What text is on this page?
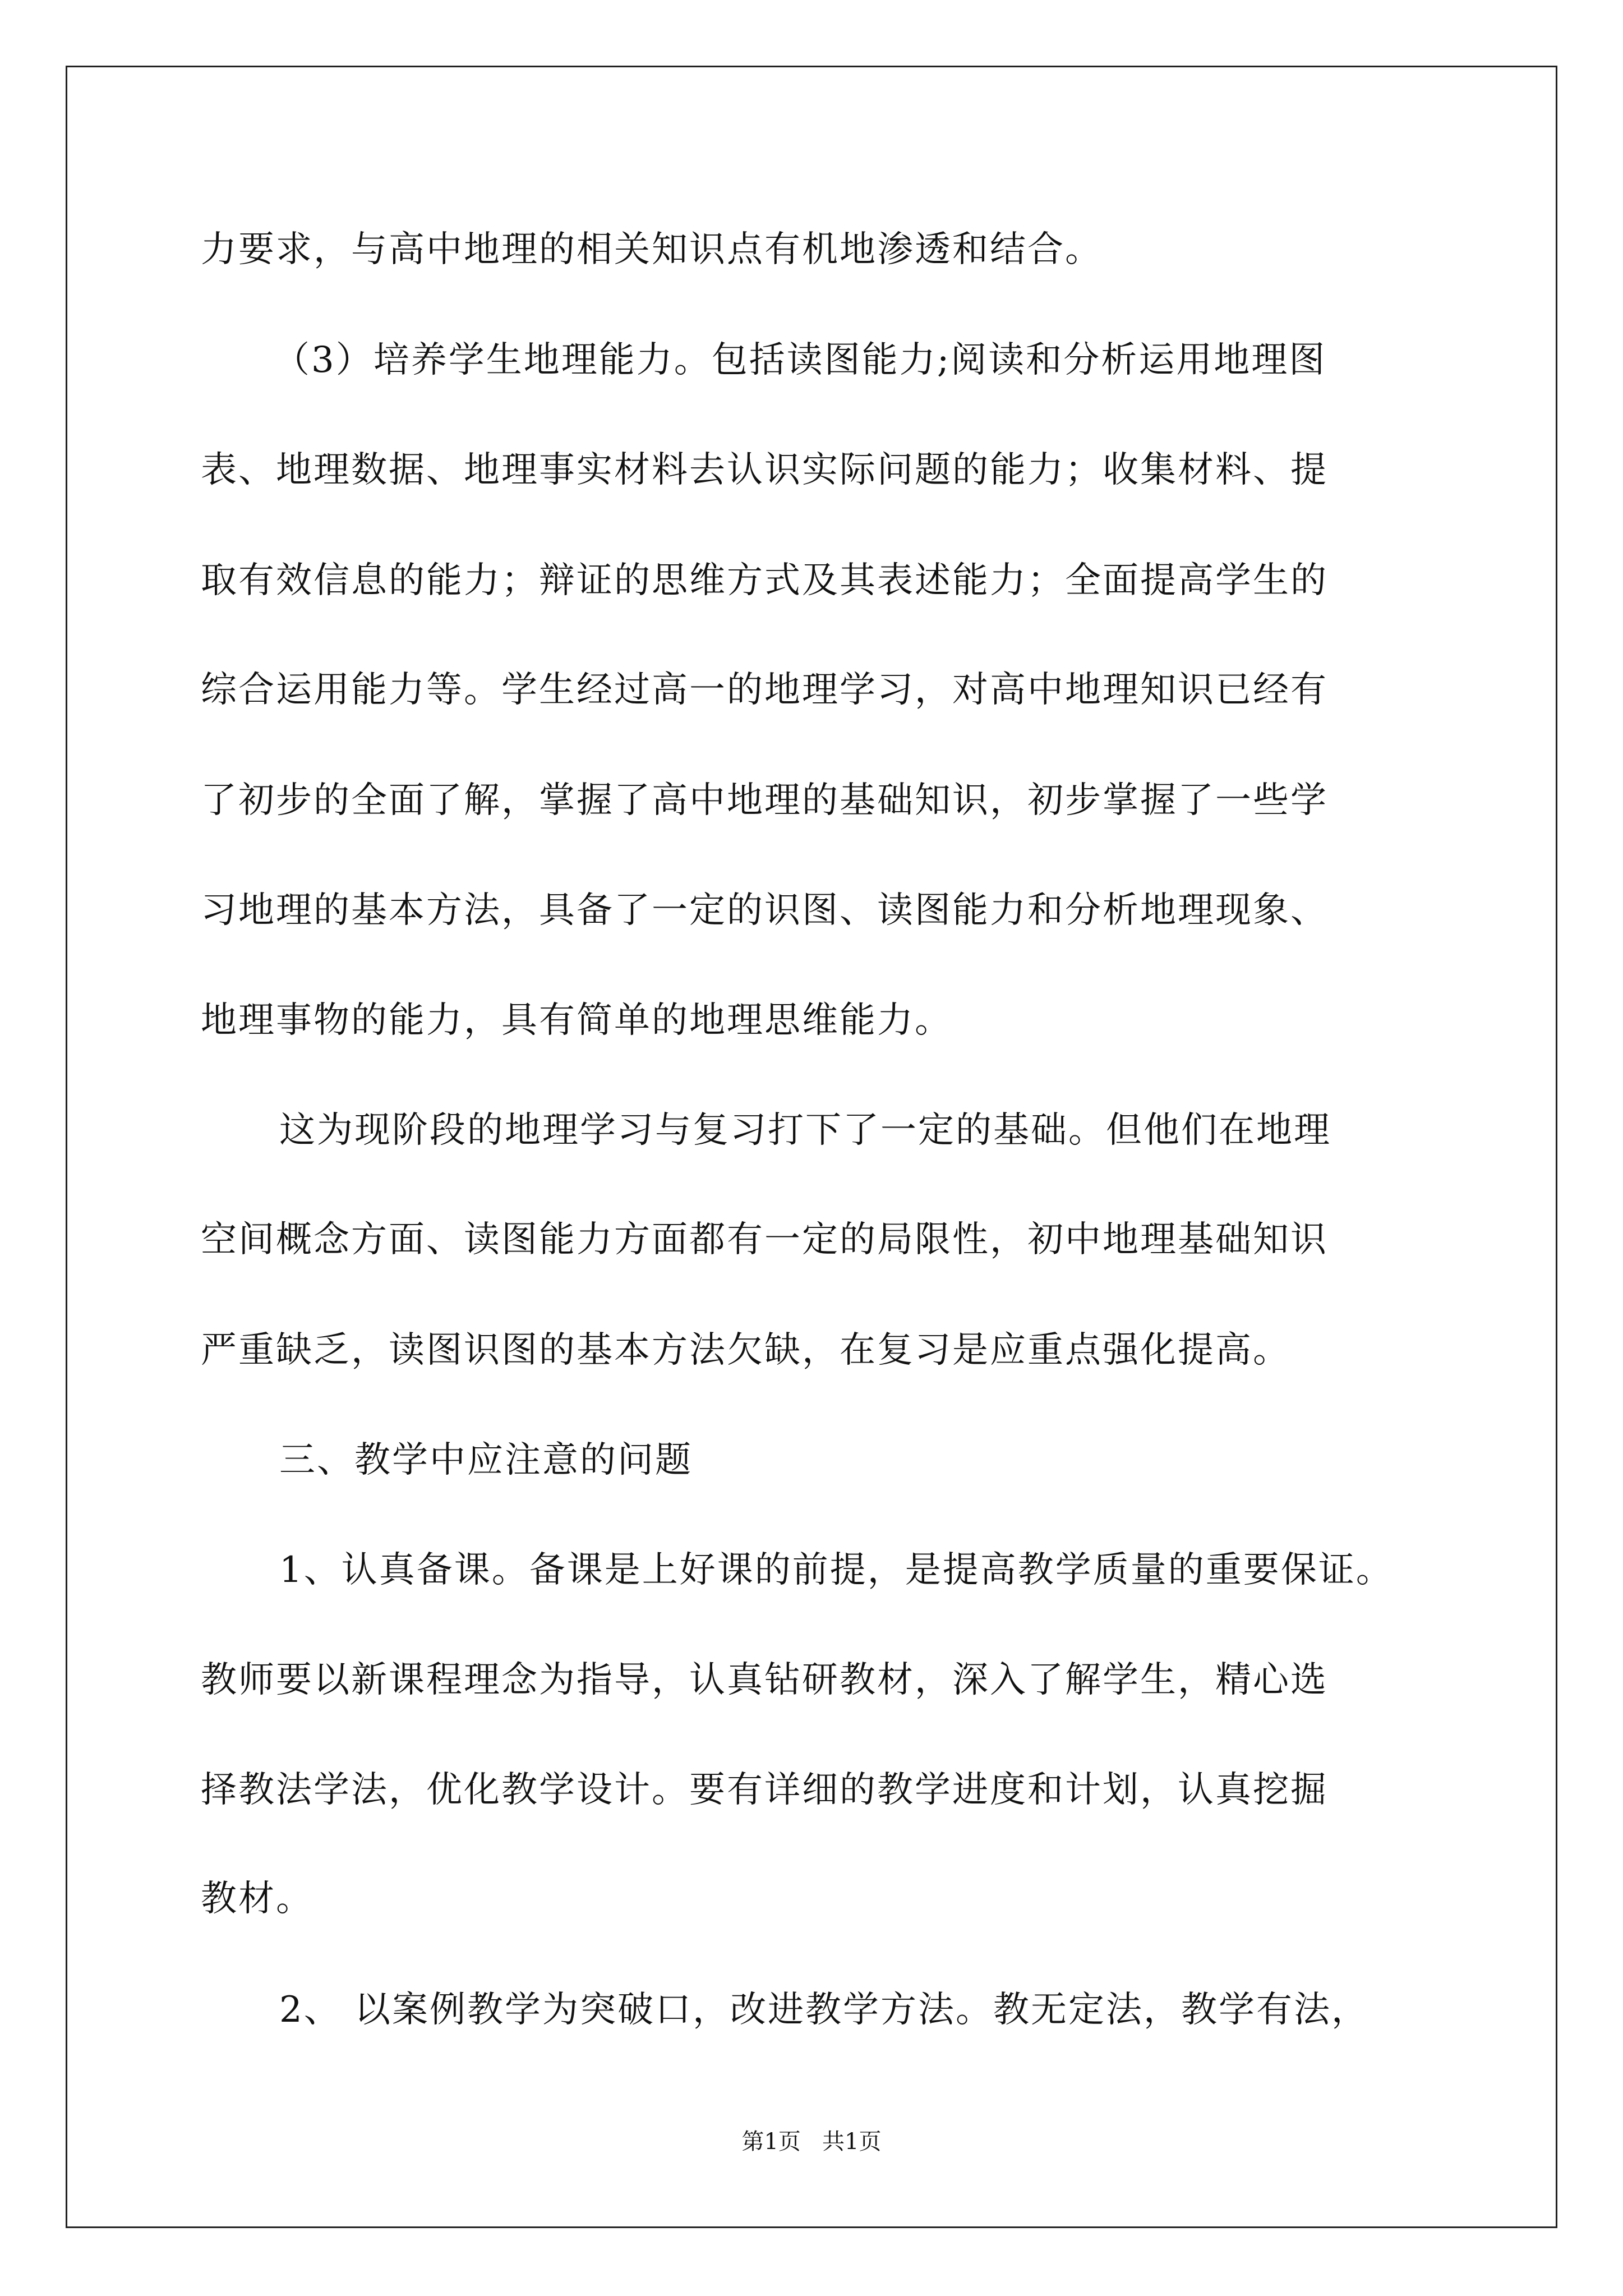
力要求，与高中地理的相关知识点有机地渗透和结合。
（3）培养学生地理能力。包括读图能力;阅读和分析运用地理图
表、地理数据、地理事实材料去认识实际问题的能力；收集材料、提
取有效信息的能力；辩证的思维方式及其表述能力；全面提高学生的
综合运用能力等。学生经过高一的地理学习，对高中地理知识已经有
了初步的全面了解，掌握了高中地理的基础知识，初步掌握了一些学
习地理的基本方法，具备了一定的识图、读图能力和分析地理现象、
地理事物的能力，具有简单的地理思维能力。
这为现阶段的地理学习与复习打下了一定的基础。但他们在地理
空间概念方面、读图能力方面都有一定的局限性，初中地理基础知识
严重缺乏，读图识图的基本方法欠缺，在复习是应重点强化提高。
三、教学中应注意的问题
1、认真备课。备课是上好课的前提，是提高教学质量的重要保证。
教师要以新课程理念为指导，认真钻研教材，深入了解学生，精心选
择教法学法，优化教学设计。要有详细的教学进度和计划，认真挖掘
教材。
2、 以案例教学为突破口，改进教学方法。教无定法，教学有法，
第1页   共1页
